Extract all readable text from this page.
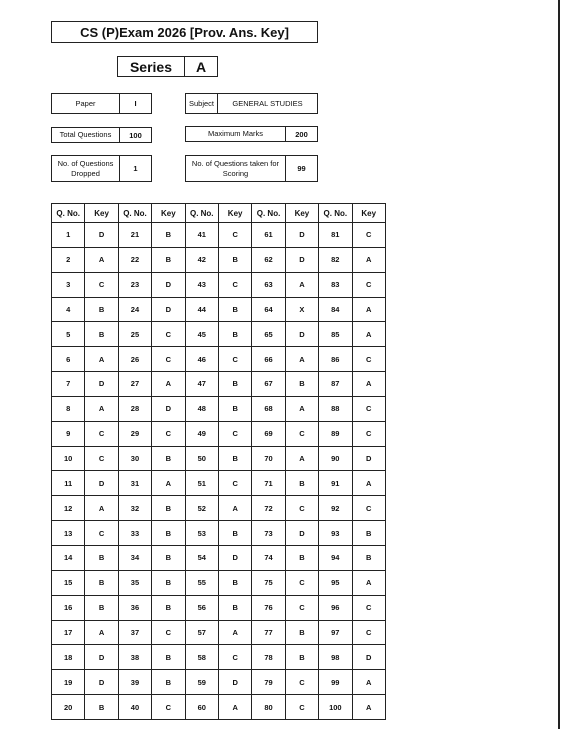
CS (P)Exam 2026 [Prov. Ans. Key]
Series	A
Paper	I	Subject	GENERAL STUDIES
Total Questions	100	Maximum Marks	200
No. of Questions Dropped	1
No. of Questions taken for Scoring	99
Q. No.	Key	Q. No.	Key	Q. No.	Key	Q. No.	Key	Q. No.	Key
1	D	21	B	41	C	61	D	81	C
2	A	22	B	42	B	62	D	82	A
3	C	23	D	43	C	63	A	83	C
4	B	24	D	44	B	64	X	84	A
5	B	25	C	45	B	65	D	85	A
6	A	26	C	46	C	66	A	86	C
7	D	27	A	47	B	67	B	87	A
8	A	28	D	48	B	68	A	88	C
9	C	29	C	49	C	69	C	89	C
10	C	30	B	50	B	70	A	90	D
11	D	31	A	51	C	71	B	91	A
12	A	32	B	52	A	72	C	92	C
13	C	33	B	53	B	73	D	93	B
14	B	34	B	54	D	74	B	94	B
15	B	35	B	55	B	75	C	95	A
16	B	36	B	56	B	76	C	96	C
17	A	37	C	57	A	77	B	97	C
18	D	38	B	58	C	78	B	98	D
19	D	39	B	59	D	79	C	99	A
20	B	40	C	60	A	80	C	100	A
